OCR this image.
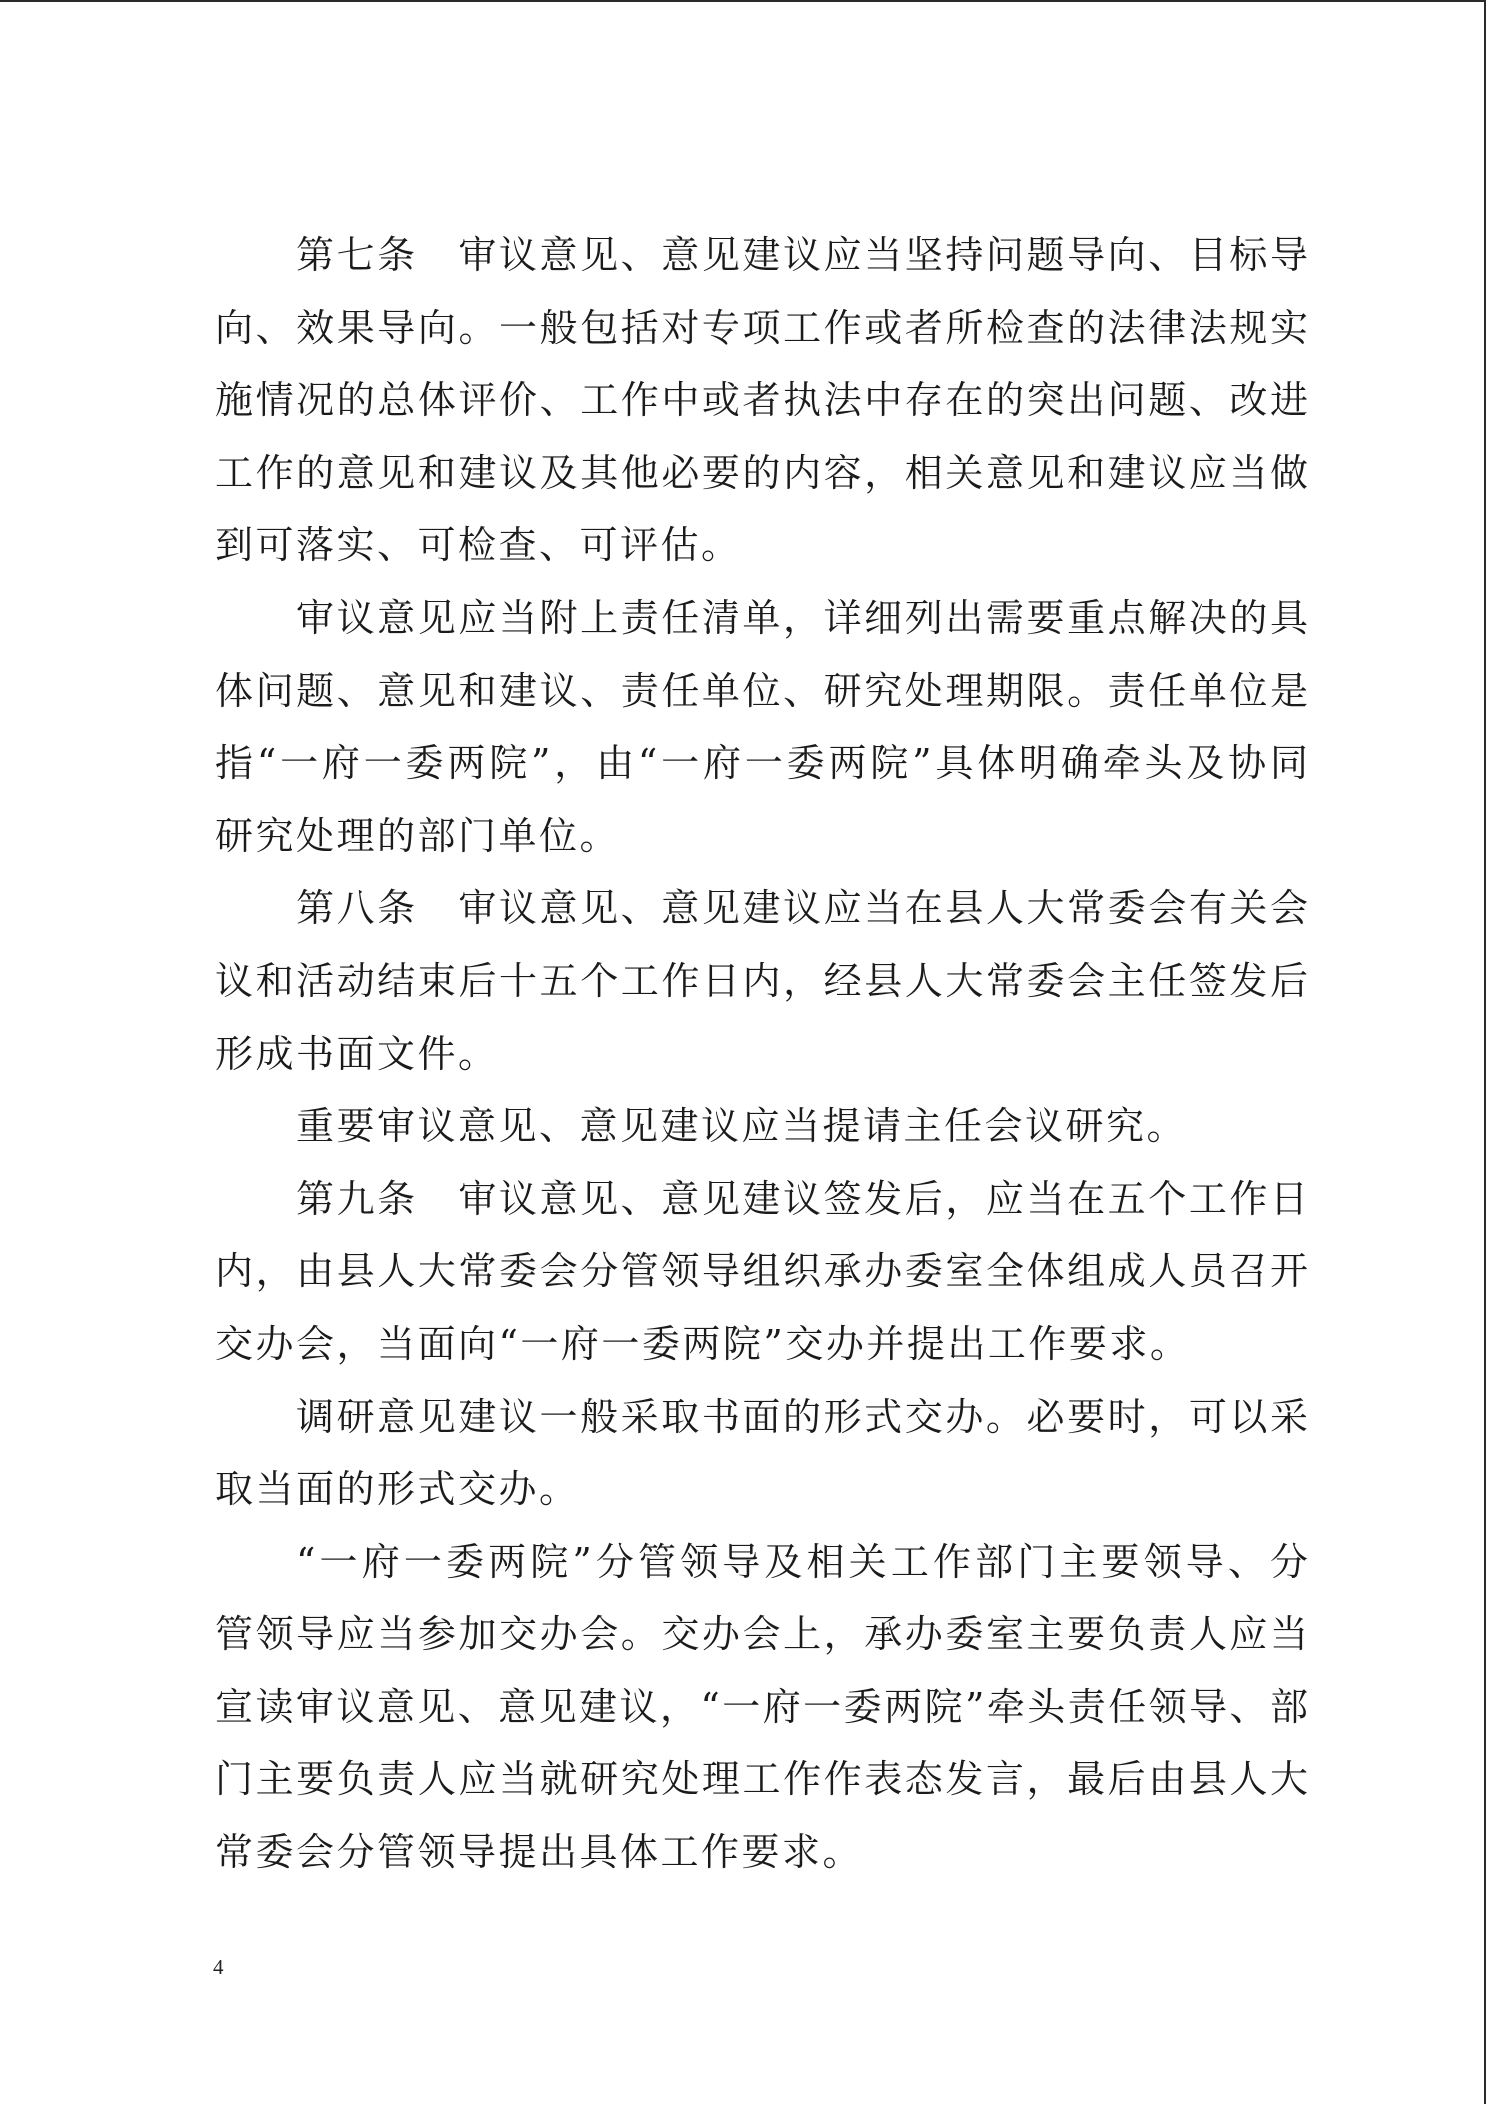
第七条　审议意见、意见建议应当坚持问题导向、目标导
向、效果导向。一般包括对专项工作或者所检查的法律法规实
施情况的总体评价、工作中或者执法中存在的突出问题、改进
工作的意见和建议及其他必要的内容，相关意见和建议应当做
到可落实、可检查、可评估。
审议意见应当附上责任清单，详细列出需要重点解决的具
体问题、意见和建议、责任单位、研究处理期限。责任单位是
指“一府一委两院”，由“一府一委两院”具体明确牵头及协同
研究处理的部门单位。
第八条　审议意见、意见建议应当在县人大常委会有关会
议和活动结束后十五个工作日内，经县人大常委会主任签发后
形成书面文件。
重要审议意见、意见建议应当提请主任会议研究。
第九条　审议意见、意见建议签发后，应当在五个工作日
内，由县人大常委会分管领导组织承办委室全体组成人员召开
交办会，当面向“一府一委两院”交办并提出工作要求。
调研意见建议一般采取书面的形式交办。必要时，可以采
取当面的形式交办。
“一府一委两院”分管领导及相关工作部门主要领导、分
管领导应当参加交办会。交办会上，承办委室主要负责人应当
宣读审议意见、意见建议，“一府一委两院”牵头责任领导、部
门主要负责人应当就研究处理工作作表态发言，最后由县人大
常委会分管领导提出具体工作要求。
4
